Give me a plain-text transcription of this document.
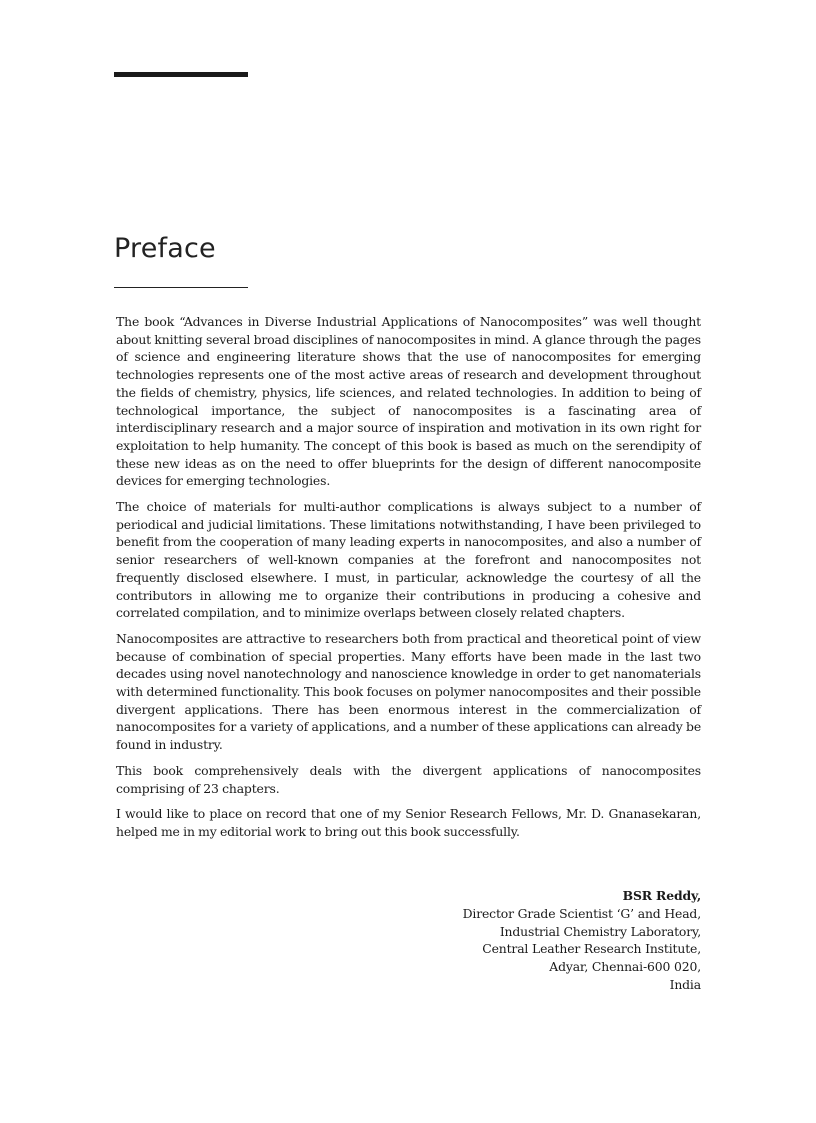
Preface

The book “Advances in Diverse Industrial Applications of Nanocomposites” was well thought about knitting several broad disciplines of nanocomposites in mind. A glance through the pages of science and engineering literature shows that the use of nanocomposites for emerging technologies represents one of the most active areas of research and development throughout the fields of chemistry, physics, life sciences, and related technologies. In addition to being of technological importance, the subject of nanocomposites is a fascinating area of interdisciplinary research and a major source of inspiration and motivation in its own right for exploitation to help humanity. The concept of this book is based as much on the serendipity of these new ideas as on the need to offer blueprints for the design of different nanocomposite devices for emerging technologies.

The choice of materials for multi-author complications is always subject to a number of periodical and judicial limitations. These limitations notwithstanding, I have been privileged to benefit from the cooperation of many leading experts in nanocomposites, and also a number of senior researchers of well-known companies at the forefront and nanocomposites not frequently disclosed elsewhere. I must, in particular, acknowledge the courtesy of all the contributors in allowing me to organize their contributions in producing a cohesive and correlated compilation, and to minimize overlaps between closely related chapters.

Nanocomposites are attractive to researchers both from practical and theoretical point of view because of combination of special properties. Many efforts have been made in the last two decades using novel nanotechnology and nanoscience knowledge in order to get nanomaterials with determined functionality. This book focuses on polymer nanocomposites and their possible divergent applications. There has been enormous interest in the commercialization of nanocomposites for a variety of applications, and a number of these applications can already be found in industry.

This book comprehensively deals with the divergent applications of nanocomposites comprising of 23 chapters.

I would like to place on record that one of my Senior Research Fellows, Mr. D. Gnanasekaran, helped me in my editorial work to bring out this book successfully.

BSR Reddy,
Director Grade Scientist ‘G’ and Head,
Industrial Chemistry Laboratory,
Central Leather Research Institute,
Adyar, Chennai-600 020,
India
